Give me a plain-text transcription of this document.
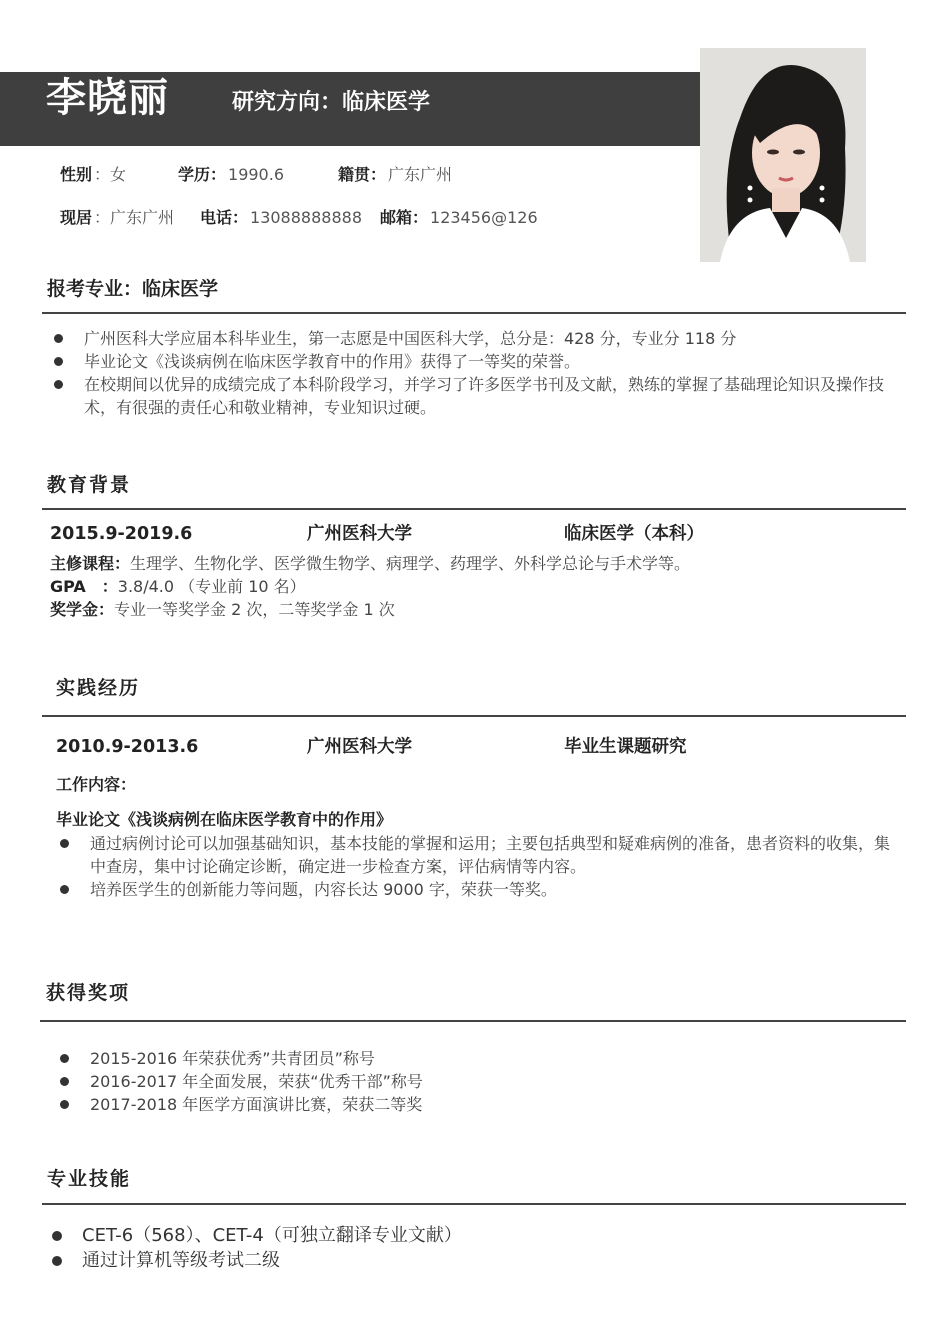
李晓丽	研究方向：临床医学
性别 ：女	学历： 1990.6	籍贯： 广东广州
现居 ：广东广州 电话： 13088888888 邮箱： 123456@126
报考专业：临床医学
广州医科大学应届本科毕业生，第一志愿是中国医科大学，总分是：428 分，专业分 118 分
毕业论文《浅谈病例在临床医学教育中的作用》获得了一等奖的荣誉。
在校期间以优异的成绩完成了本科阶段学习，并学习了许多医学书刊及文献，熟练的掌握了基础理论知识及操作技术，有很强的责任心和敬业精神，专业知识过硬。
教育背景
2015.9-2019.6	广州医科大学	临床医学（本科）
主修课程：生理学、生物化学、医学微生物学、病理学、药理学、外科学总论与手术学等。
GPA　：3.8/4.0 （专业前 10 名）
奖学金：专业一等奖学金 2 次，二等奖学金 1 次
实践经历
2010.9-2013.6	广州医科大学	毕业生课题研究
工作内容：
毕业论文《浅谈病例在临床医学教育中的作用》
通过病例讨论可以加强基础知识，基本技能的掌握和运用；主要包括典型和疑难病例的准备，患者资料的收集，集中查房，集中讨论确定诊断，确定进一步检查方案，评估病情等内容。
培养医学生的创新能力等问题，内容长达 9000 字，荣获一等奖。
获得奖项
2015-2016 年荣获优秀”共青团员”称号
2016-2017 年全面发展，荣获“优秀干部”称号
2017-2018 年医学方面演讲比赛，荣获二等奖
专业技能
CET-6（568）、CET-4（可独立翻译专业文献）
通过计算机等级考试二级
